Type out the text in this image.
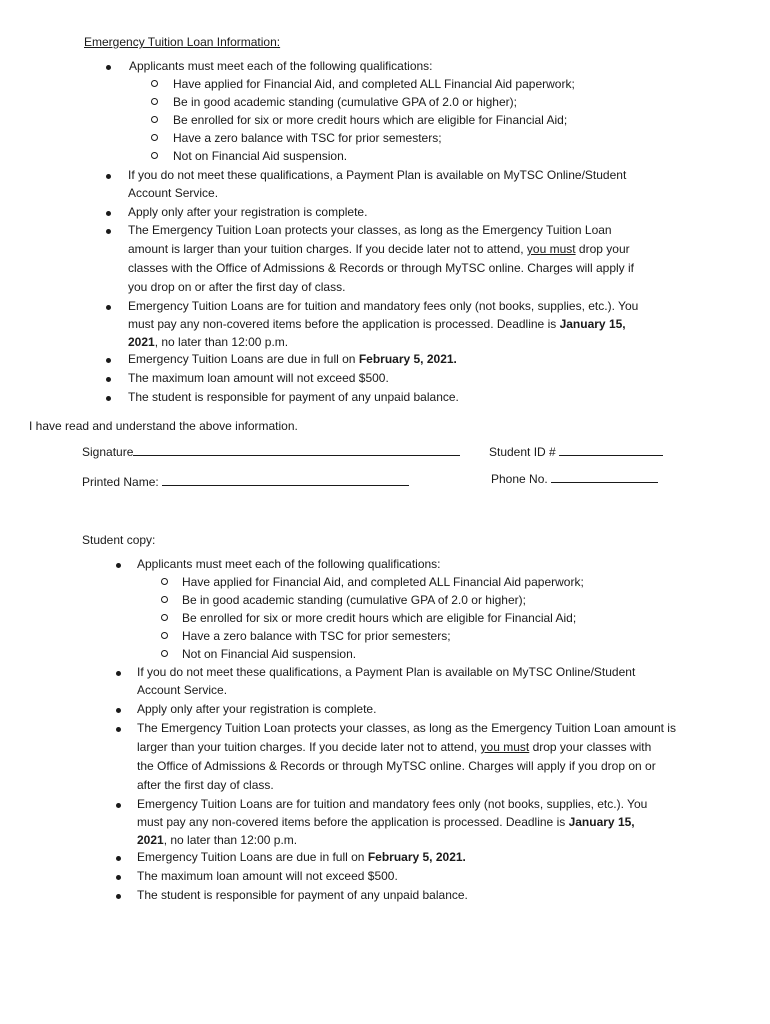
Emergency Tuition Loan Information:
Applicants must meet each of the following qualifications:
Have applied for Financial Aid, and completed ALL Financial Aid paperwork;
Be in good academic standing (cumulative GPA of 2.0 or higher);
Be enrolled for six or more credit hours which are eligible for Financial Aid;
Have a zero balance with TSC for prior semesters;
Not on Financial Aid suspension.
If you do not meet these qualifications, a Payment Plan is available on MyTSC Online/Student
Account Service.
Apply only after your registration is complete.
The Emergency Tuition Loan protects your classes, as long as the Emergency Tuition Loan
amount is larger than your tuition charges. If you decide later not to attend, you must drop your
classes with the Office of Admissions & Records or through MyTSC online. Charges will apply if
you drop on or after the first day of class.
Emergency Tuition Loans are for tuition and mandatory fees only (not books, supplies, etc.). You
must pay any non-covered items before the application is processed. Deadline is January 15,
2021, no later than 12:00 p.m.
Emergency Tuition Loans are due in full on February 5, 2021.
The maximum loan amount will not exceed $500.
The student is responsible for payment of any unpaid balance.
I have read and understand the above information.
Signature	Student ID #
Printed Name:	Phone No.
Student copy:
Applicants must meet each of the following qualifications:
Have applied for Financial Aid, and completed ALL Financial Aid paperwork;
Be in good academic standing (cumulative GPA of 2.0 or higher);
Be enrolled for six or more credit hours which are eligible for Financial Aid;
Have a zero balance with TSC for prior semesters;
Not on Financial Aid suspension.
If you do not meet these qualifications, a Payment Plan is available on MyTSC Online/Student
Account Service.
Apply only after your registration is complete.
The Emergency Tuition Loan protects your classes, as long as the Emergency Tuition Loan amount is
larger than your tuition charges. If you decide later not to attend, you must drop your classes with
the Office of Admissions & Records or through MyTSC online. Charges will apply if you drop on or
after the first day of class.
Emergency Tuition Loans are for tuition and mandatory fees only (not books, supplies, etc.). You
must pay any non-covered items before the application is processed. Deadline is January 15,
2021, no later than 12:00 p.m.
Emergency Tuition Loans are due in full on February 5, 2021.
The maximum loan amount will not exceed $500.
The student is responsible for payment of any unpaid balance.
